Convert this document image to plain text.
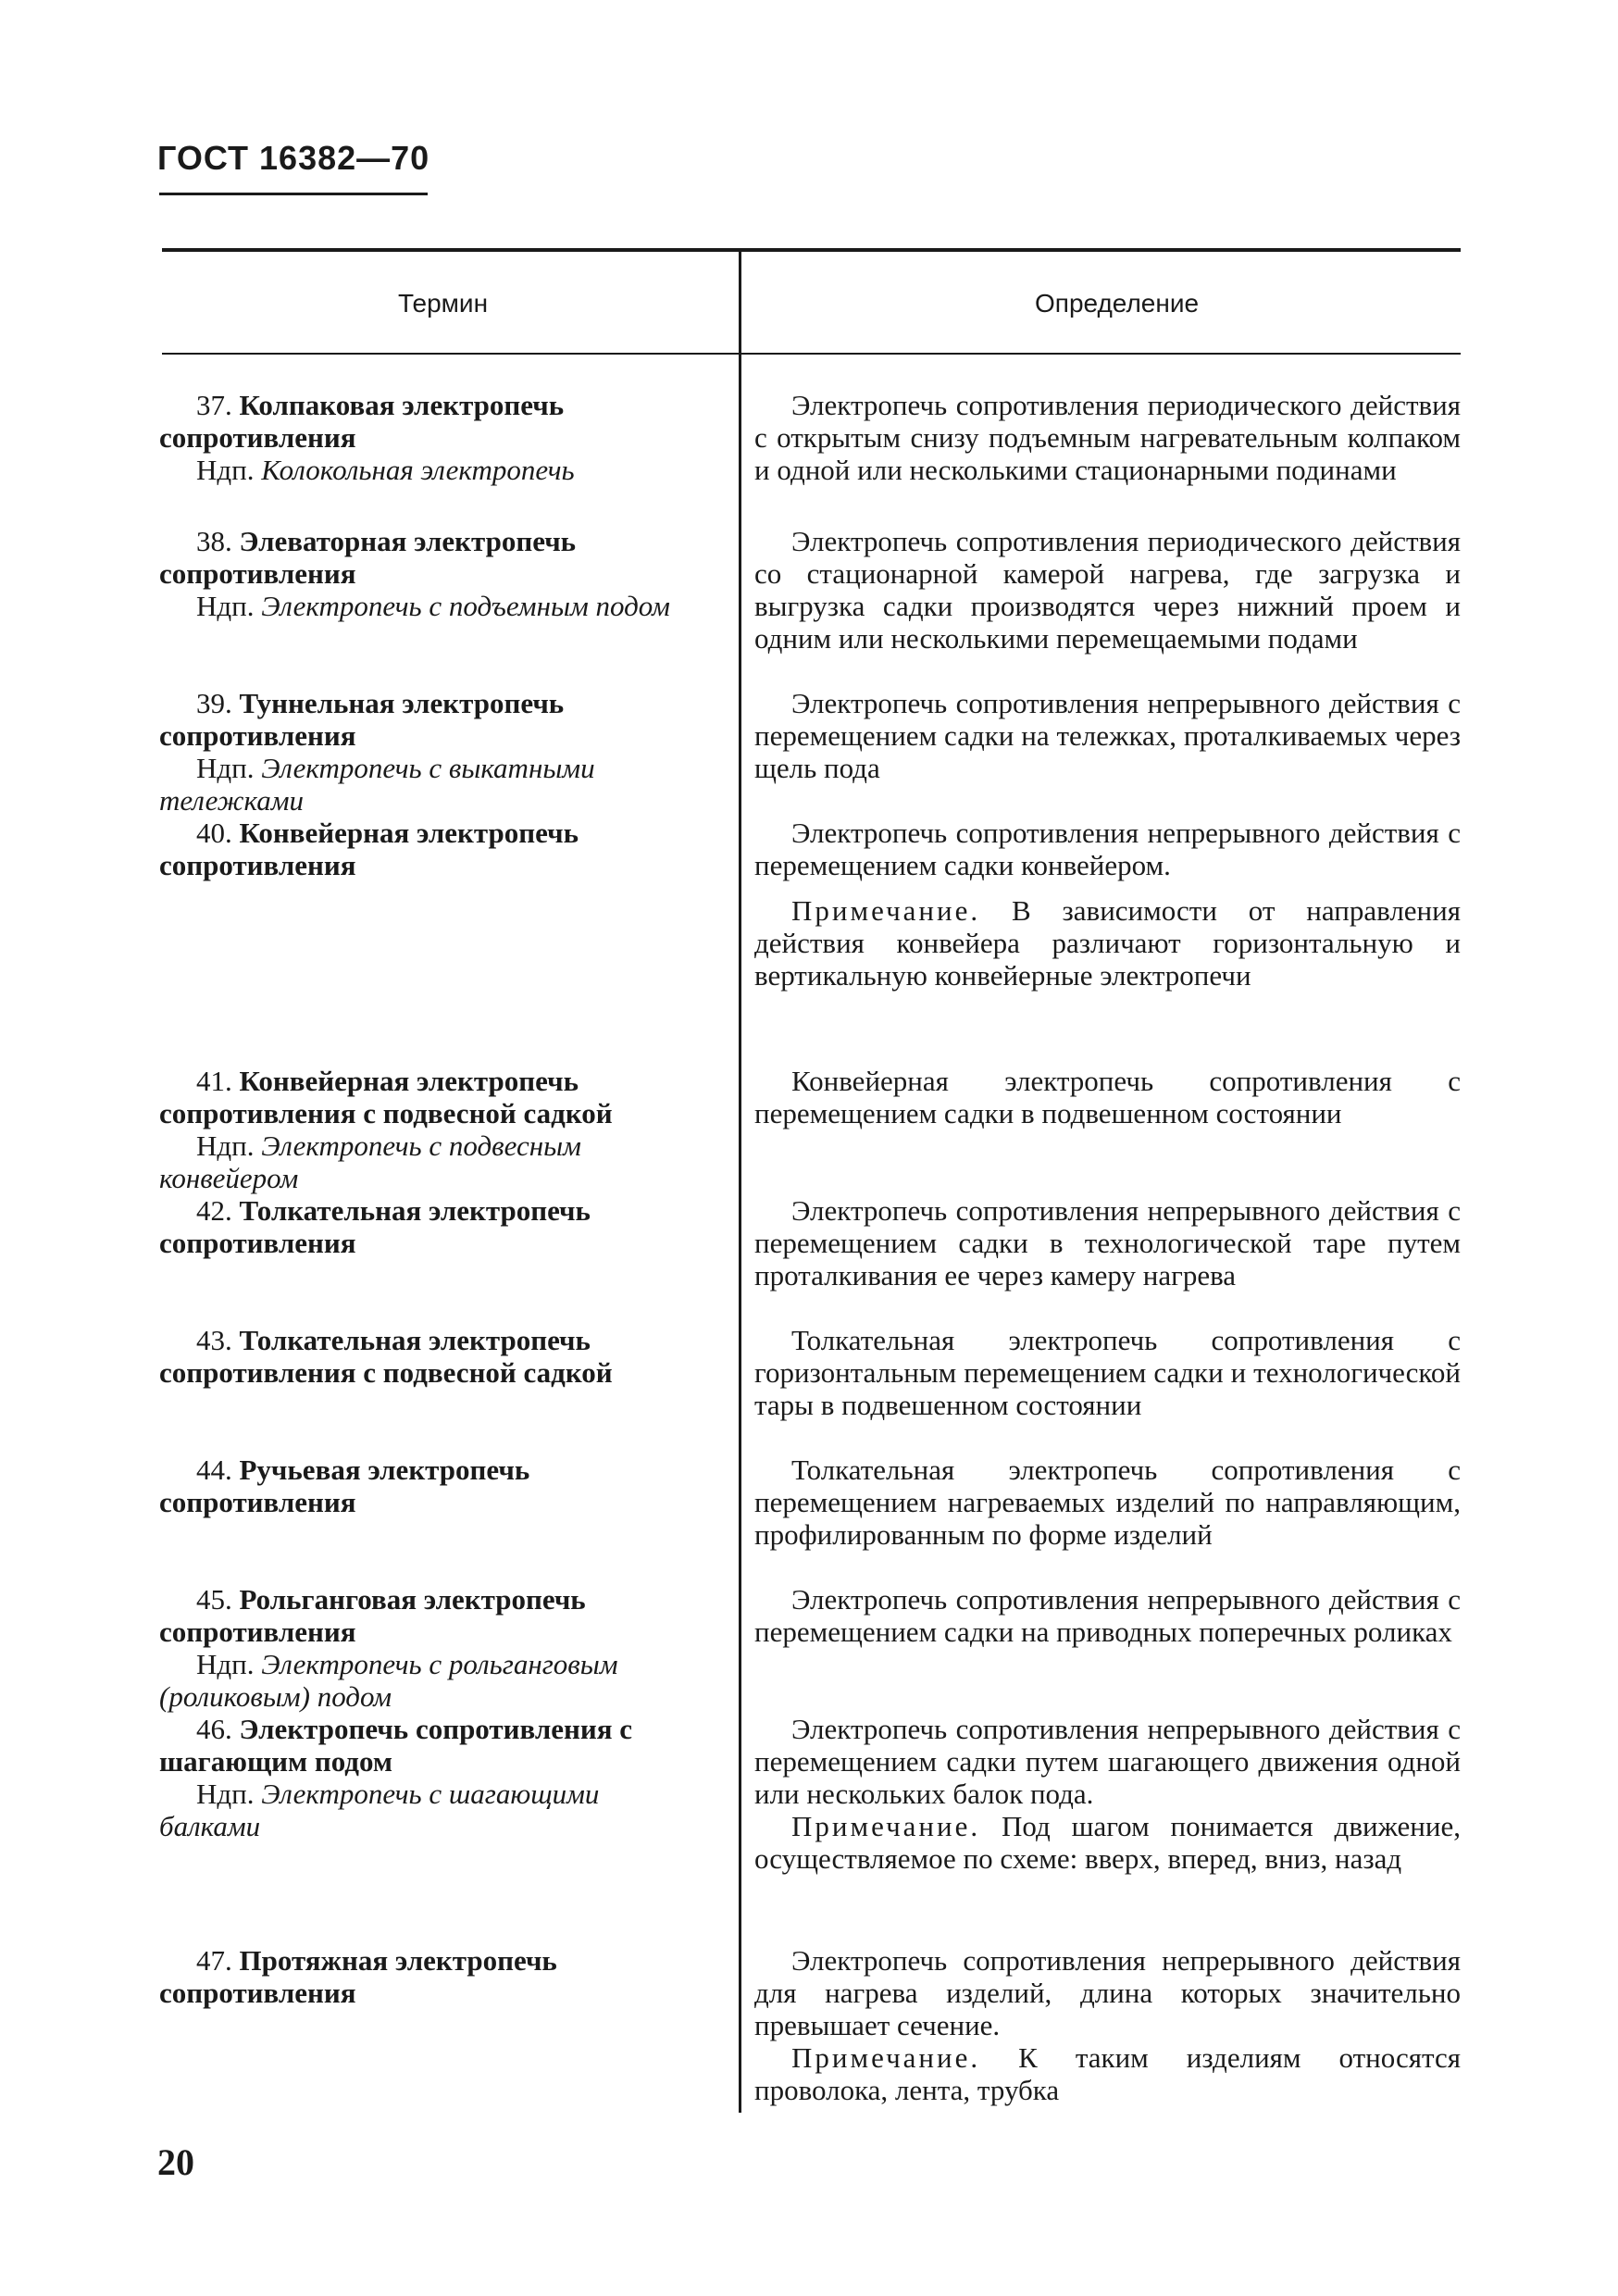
ГОСТ 16382—70
Термин	Определение
37. Колпаковая электропечь сопротивления
Ндп. Колокольная электропечь
Электропечь сопротивления периодического действия с открытым снизу подъемным нагревательным колпаком и одной или несколькими стационарными подинами
38. Элеваторная электропечь сопротивления
Ндп. Электропечь с подъемным подом
Электропечь сопротивления периодического действия со стационарной камерой нагрева, где загрузка и выгрузка садки производятся через нижний проем и одним или несколькими перемещаемыми подами
39. Туннельная электропечь сопротивления
Ндп. Электропечь с выкатными тележками
Электропечь сопротивления непрерывного действия с перемещением садки на тележках, проталкиваемых через щель пода
40. Конвейерная электропечь сопротивления
Электропечь сопротивления непрерывного действия с перемещением садки конвейером.
Примечание. В зависимости от направления действия конвейера различают горизонтальную и вертикальную конвейерные электропечи
41. Конвейерная электропечь сопротивления с подвесной садкой
Ндп. Электропечь с подвесным конвейером
Конвейерная электропечь сопротивления с перемещением садки в подвешенном состоянии
42. Толкательная электропечь сопротивления
Электропечь сопротивления непрерывного действия с перемещением садки в технологической таре путем проталкивания ее через камеру нагрева
43. Толкательная электропечь сопротивления с подвесной садкой
Толкательная электропечь сопротивления с горизонтальным перемещением садки и технологической тары в подвешенном состоянии
44. Ручьевая электропечь сопротивления
Толкательная электропечь сопротивления с перемещением нагреваемых изделий по направляющим, профилированным по форме изделий
45. Рольганговая электропечь сопротивления
Ндп. Электропечь с рольганговым (роликовым) подом
Электропечь сопротивления непрерывного действия с перемещением садки на приводных поперечных роликах
46. Электропечь сопротивления с шагающим подом
Ндп. Электропечь с шагающими балками
Электропечь сопротивления непрерывного действия с перемещением садки путем шагающего движения одной или нескольких балок пода.
Примечание. Под шагом понимается движение, осуществляемое по схеме: вверх, вперед, вниз, назад
47. Протяжная электропечь сопротивления
Электропечь сопротивления непрерывного действия для нагрева изделий, длина которых значительно превышает сечение.
Примечание. К таким изделиям относятся проволока, лента, трубка
20
